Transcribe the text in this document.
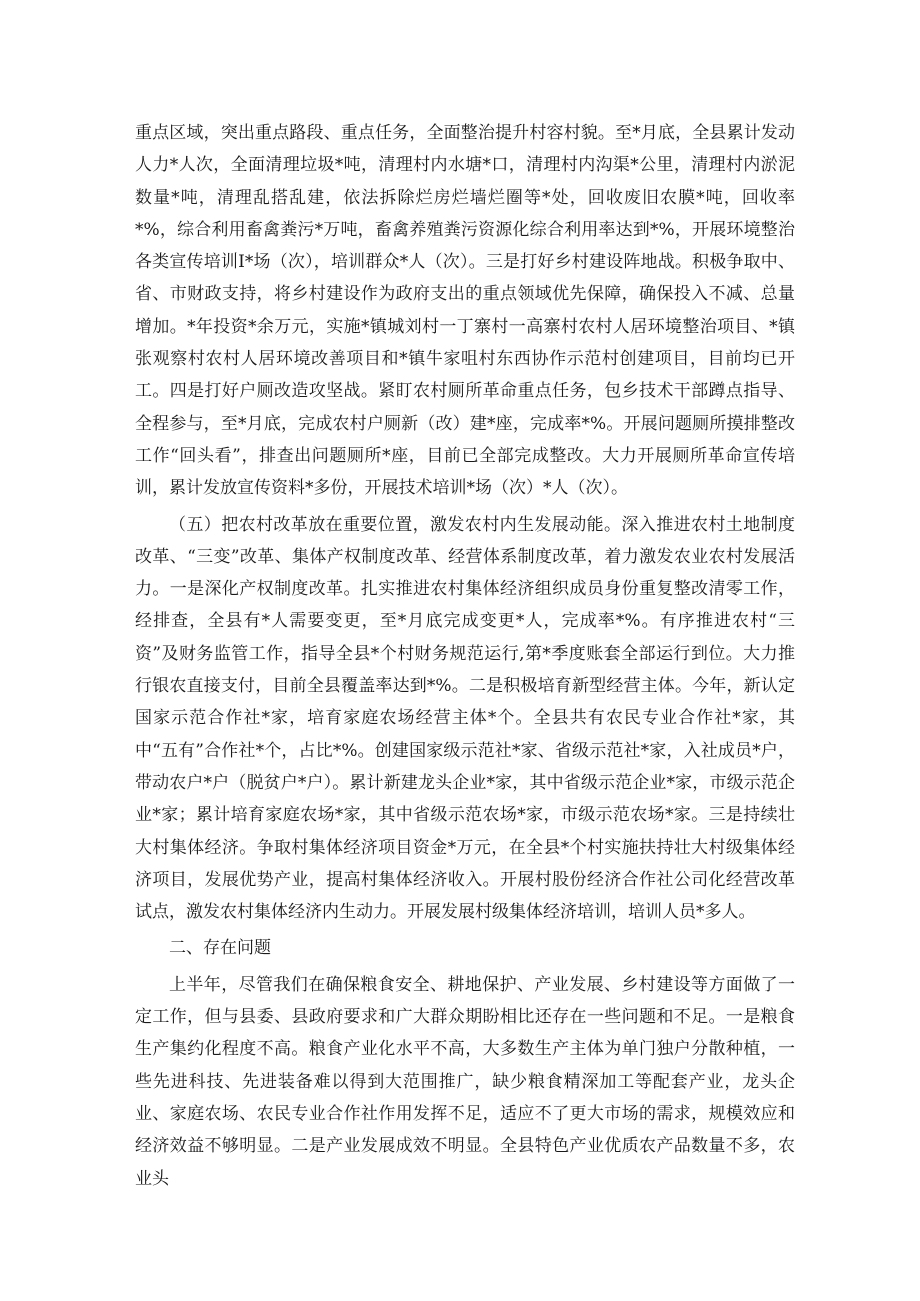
重点区域，突出重点路段、重点任务，全面整治提升村容村貌。至*月底，全县累计发动人力*人次，全面清理垃圾*吨，清理村内水塘*口，清理村内沟渠*公里，清理村内淤泥数量*吨，清理乱搭乱建，依法拆除烂房烂墙烂圈等*处，回收废旧农膜*吨，回收率*%，综合利用畜禽粪污*万吨，畜禽养殖粪污资源化综合利用率达到*%，开展环境整治各类宣传培训I*场（次），培训群众*人（次）。三是打好乡村建设阵地战。积极争取中、省、市财政支持，将乡村建设作为政府支出的重点领域优先保障，确保投入不减、总量增加。*年投资*余万元，实施*镇城刘村一丁寨村一高寨村农村人居环境整治项目、*镇张观察村农村人居环境改善项目和*镇牛家咀村东西协作示范村创建项目，目前均已开工。四是打好户厕改造攻坚战。紧盯农村厕所革命重点任务，包乡技术干部蹲点指导、全程参与，至*月底，完成农村户厕新（改）建*座，完成率*%。开展问题厕所摸排整改工作“回头看”，排查出问题厕所*座，目前已全部完成整改。大力开展厕所革命宣传培训，累计发放宣传资料*多份，开展技术培训*场（次）*人（次）。

（五）把农村改革放在重要位置，激发农村内生发展动能。深入推进农村土地制度改革、“三变”改革、集体产权制度改革、经营体系制度改革，着力激发农业农村发展活力。一是深化产权制度改革。扎实推进农村集体经济组织成员身份重复整改清零工作，经排查，全县有*人需要变更，至*月底完成变更*人，完成率*%。有序推进农村“三资”及财务监管工作，指导全县*个村财务规范运行,第*季度账套全部运行到位。大力推行银农直接支付，目前全县覆盖率达到*%。二是积极培育新型经营主体。今年，新认定国家示范合作社*家，培育家庭农场经营主体*个。全县共有农民专业合作社*家，其中“五有”合作社*个，占比*%。创建国家级示范社*家、省级示范社*家，入社成员*户，带动农户*户（脱贫户*户）。累计新建龙头企业*家，其中省级示范企业*家，市级示范企业*家；累计培育家庭农场*家，其中省级示范农场*家，市级示范农场*家。三是持续壮大村集体经济。争取村集体经济项目资金*万元，在全县*个村实施扶持壮大村级集体经济项目，发展优势产业，提高村集体经济收入。开展村股份经济合作社公司化经营改革试点，激发农村集体经济内生动力。开展发展村级集体经济培训，培训人员*多人。

二、存在问题

上半年，尽管我们在确保粮食安全、耕地保护、产业发展、乡村建设等方面做了一定工作，但与县委、县政府要求和广大群众期盼相比还存在一些问题和不足。一是粮食生产集约化程度不高。粮食产业化水平不高，大多数生产主体为单门独户分散种植，一些先进科技、先进装备难以得到大范围推广，缺少粮食精深加工等配套产业，龙头企业、家庭农场、农民专业合作社作用发挥不足，适应不了更大市场的需求，规模效应和经济效益不够明显。二是产业发展成效不明显。全县特色产业优质农产品数量不多，农业头
